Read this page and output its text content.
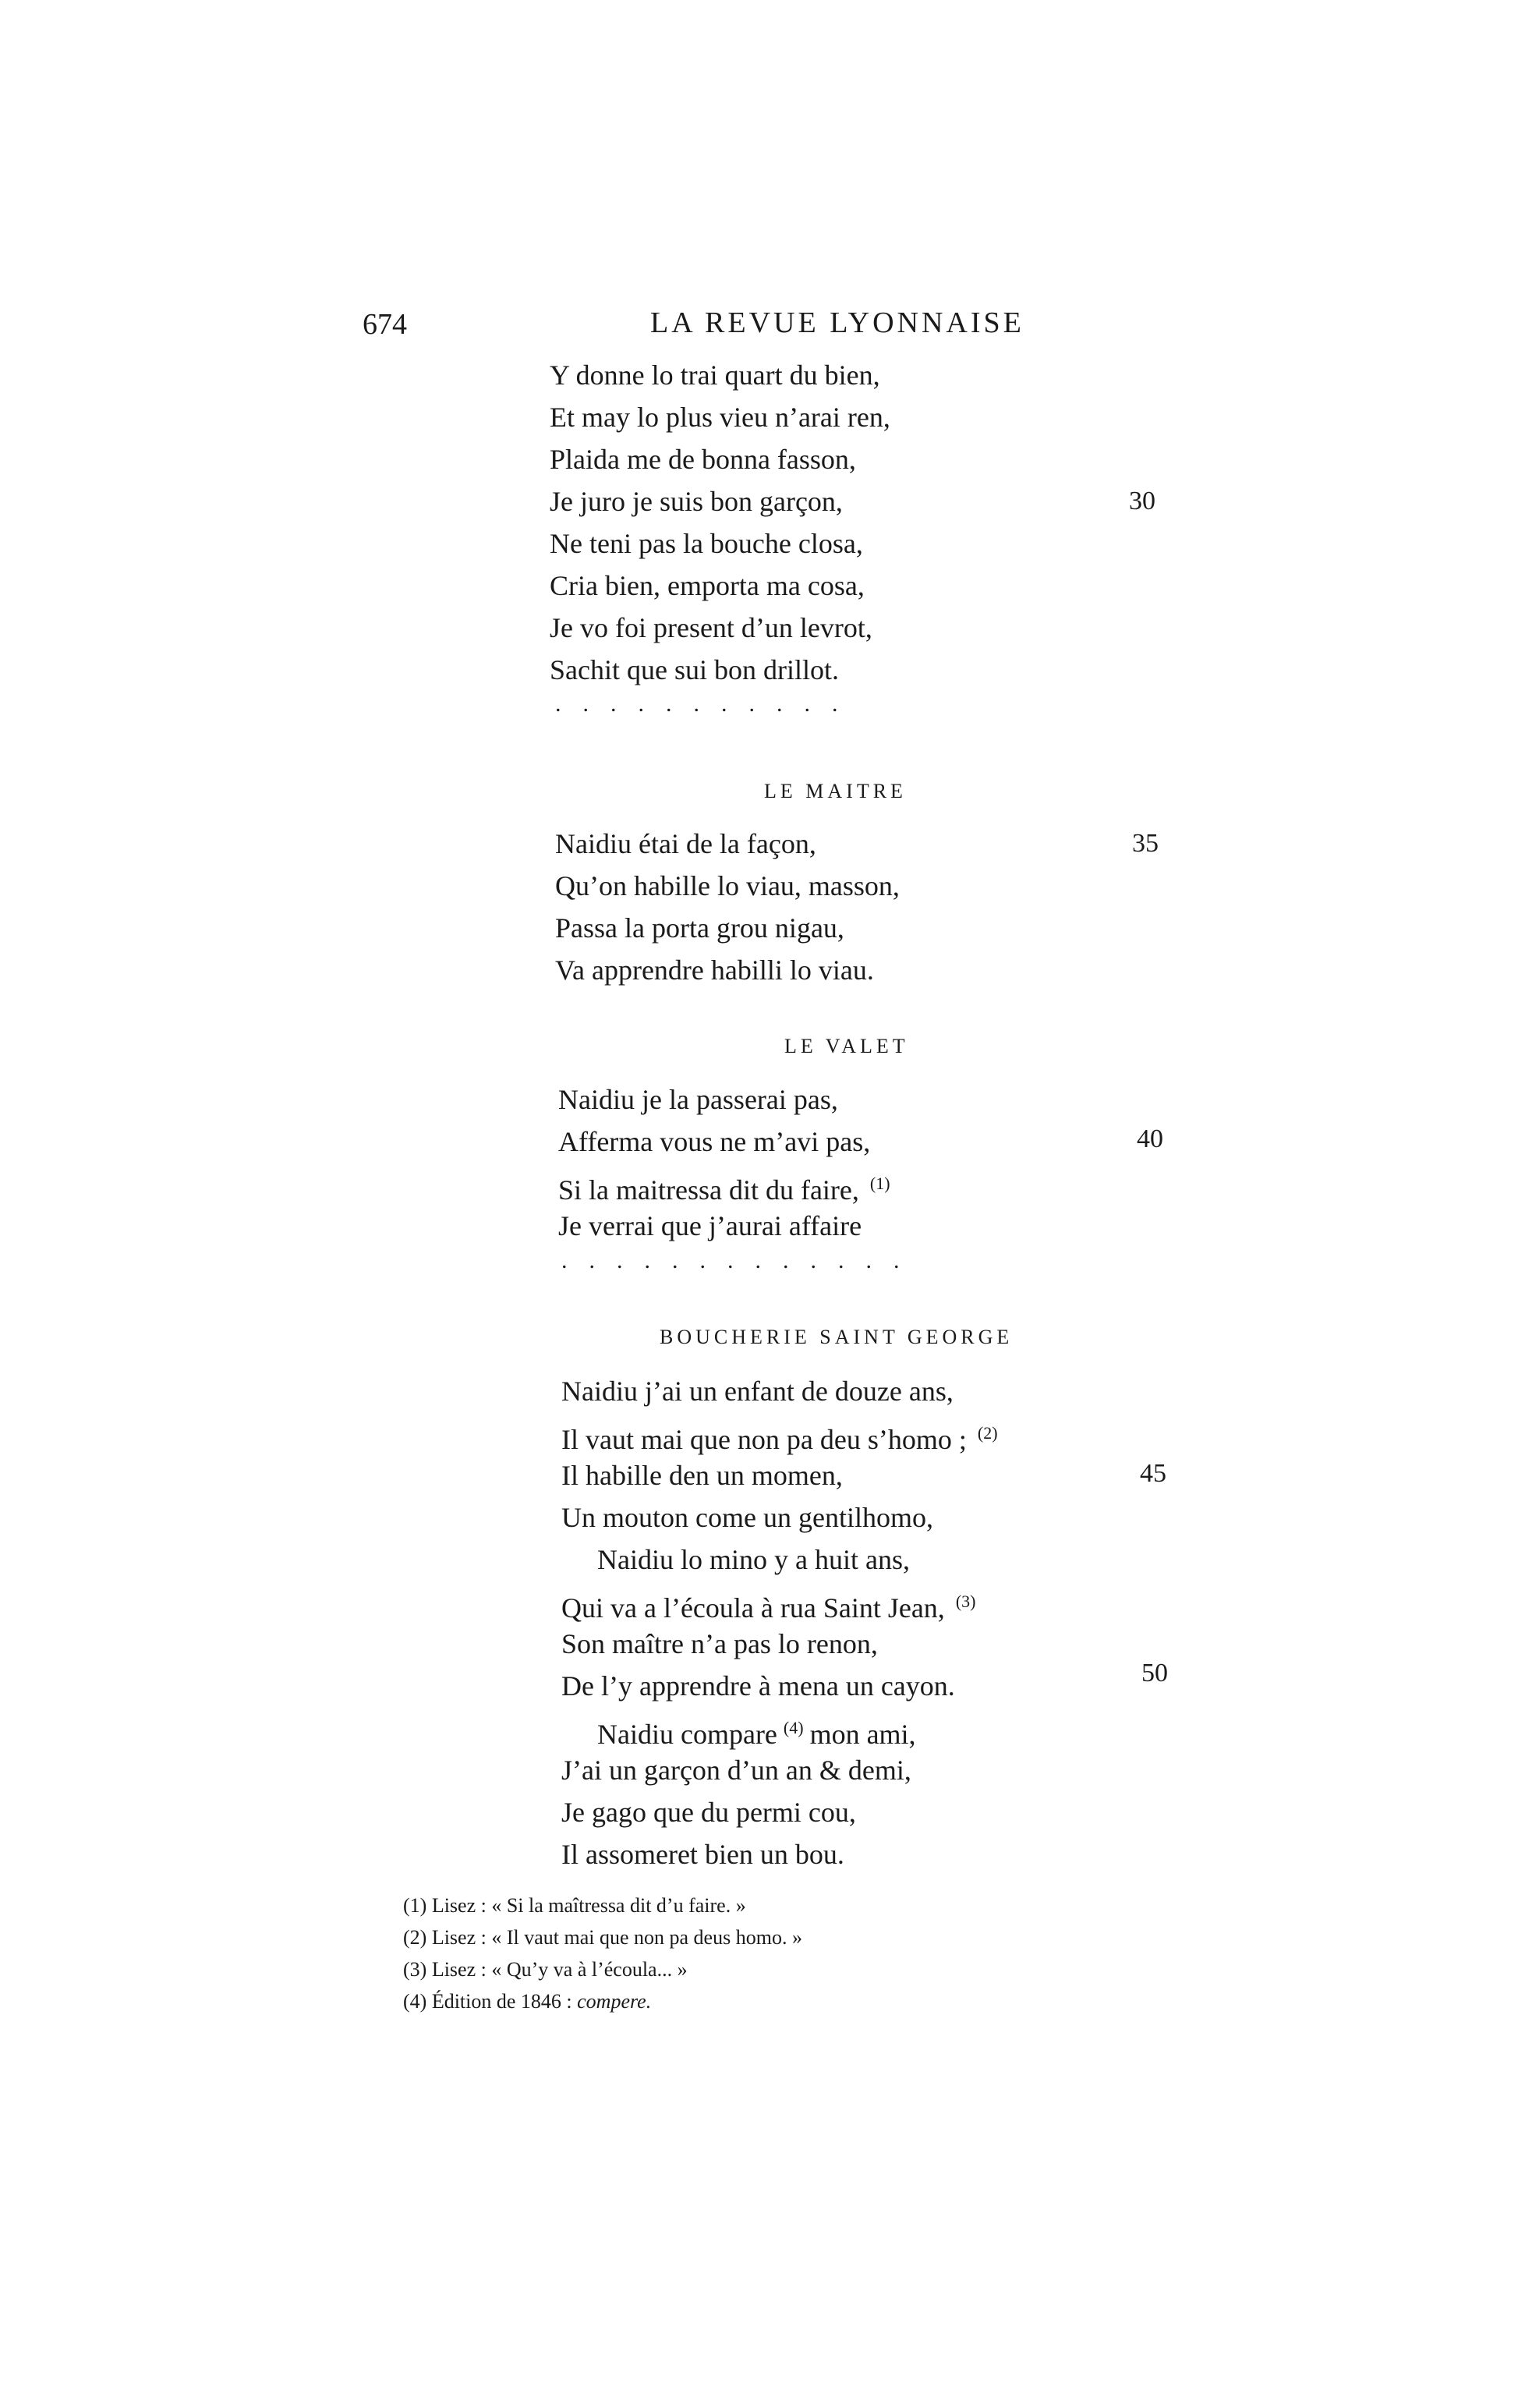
674	LA REVUE LYONNAISE
Y donne lo trai quart du bien,
Et may lo plus vieu n’arai ren,
Plaida me de bonna fasson,
Je juro je suis bon garçon,
Ne teni pas la bouche closa,
Cria bien, emporta ma cosa,
Je vo foi present d’un levrot,
Sachit que sui bon drillot.
30
...........
LE MAITRE
Naidiu étai de la façon,
Qu’on habille lo viau, masson,
Passa la porta grou nigau,
Va apprendre habilli lo viau.
35
LE VALET
Naidiu je la passerai pas,
Afferma vous ne m’avi pas,
Si la maitressa dit du faire, $^{(1)}$
Je verrai que j’aurai affaire
40
.............
BOUCHERIE SAINT GEORGE
Naidiu j’ai un enfant de douze ans,
Il vaut mai que non pa deu s’homo ; $^{(2)}$
Il habille den un momen,
Un mouton come un gentilhomo,
Naidiu lo mino y a huit ans,
Qui va a l’écoula à rua Saint Jean, $^{(3)}$
Son maître n’a pas lo renon,
De l’y apprendre à mena un cayon.
Naidiu compare $^{(4)}$ mon ami,
J’ai un garçon d’un an & demi,
Je gago que du permi cou,
Il assomeret bien un bou.
45
50
(1) Lisez : « Si la maîtressa dit d’u faire. »
(2) Lisez : « Il vaut mai que non pa deus homo. »
(3) Lisez : « Qu’y va à l’écoula... »
(4) Édition de 1846 : compere.
